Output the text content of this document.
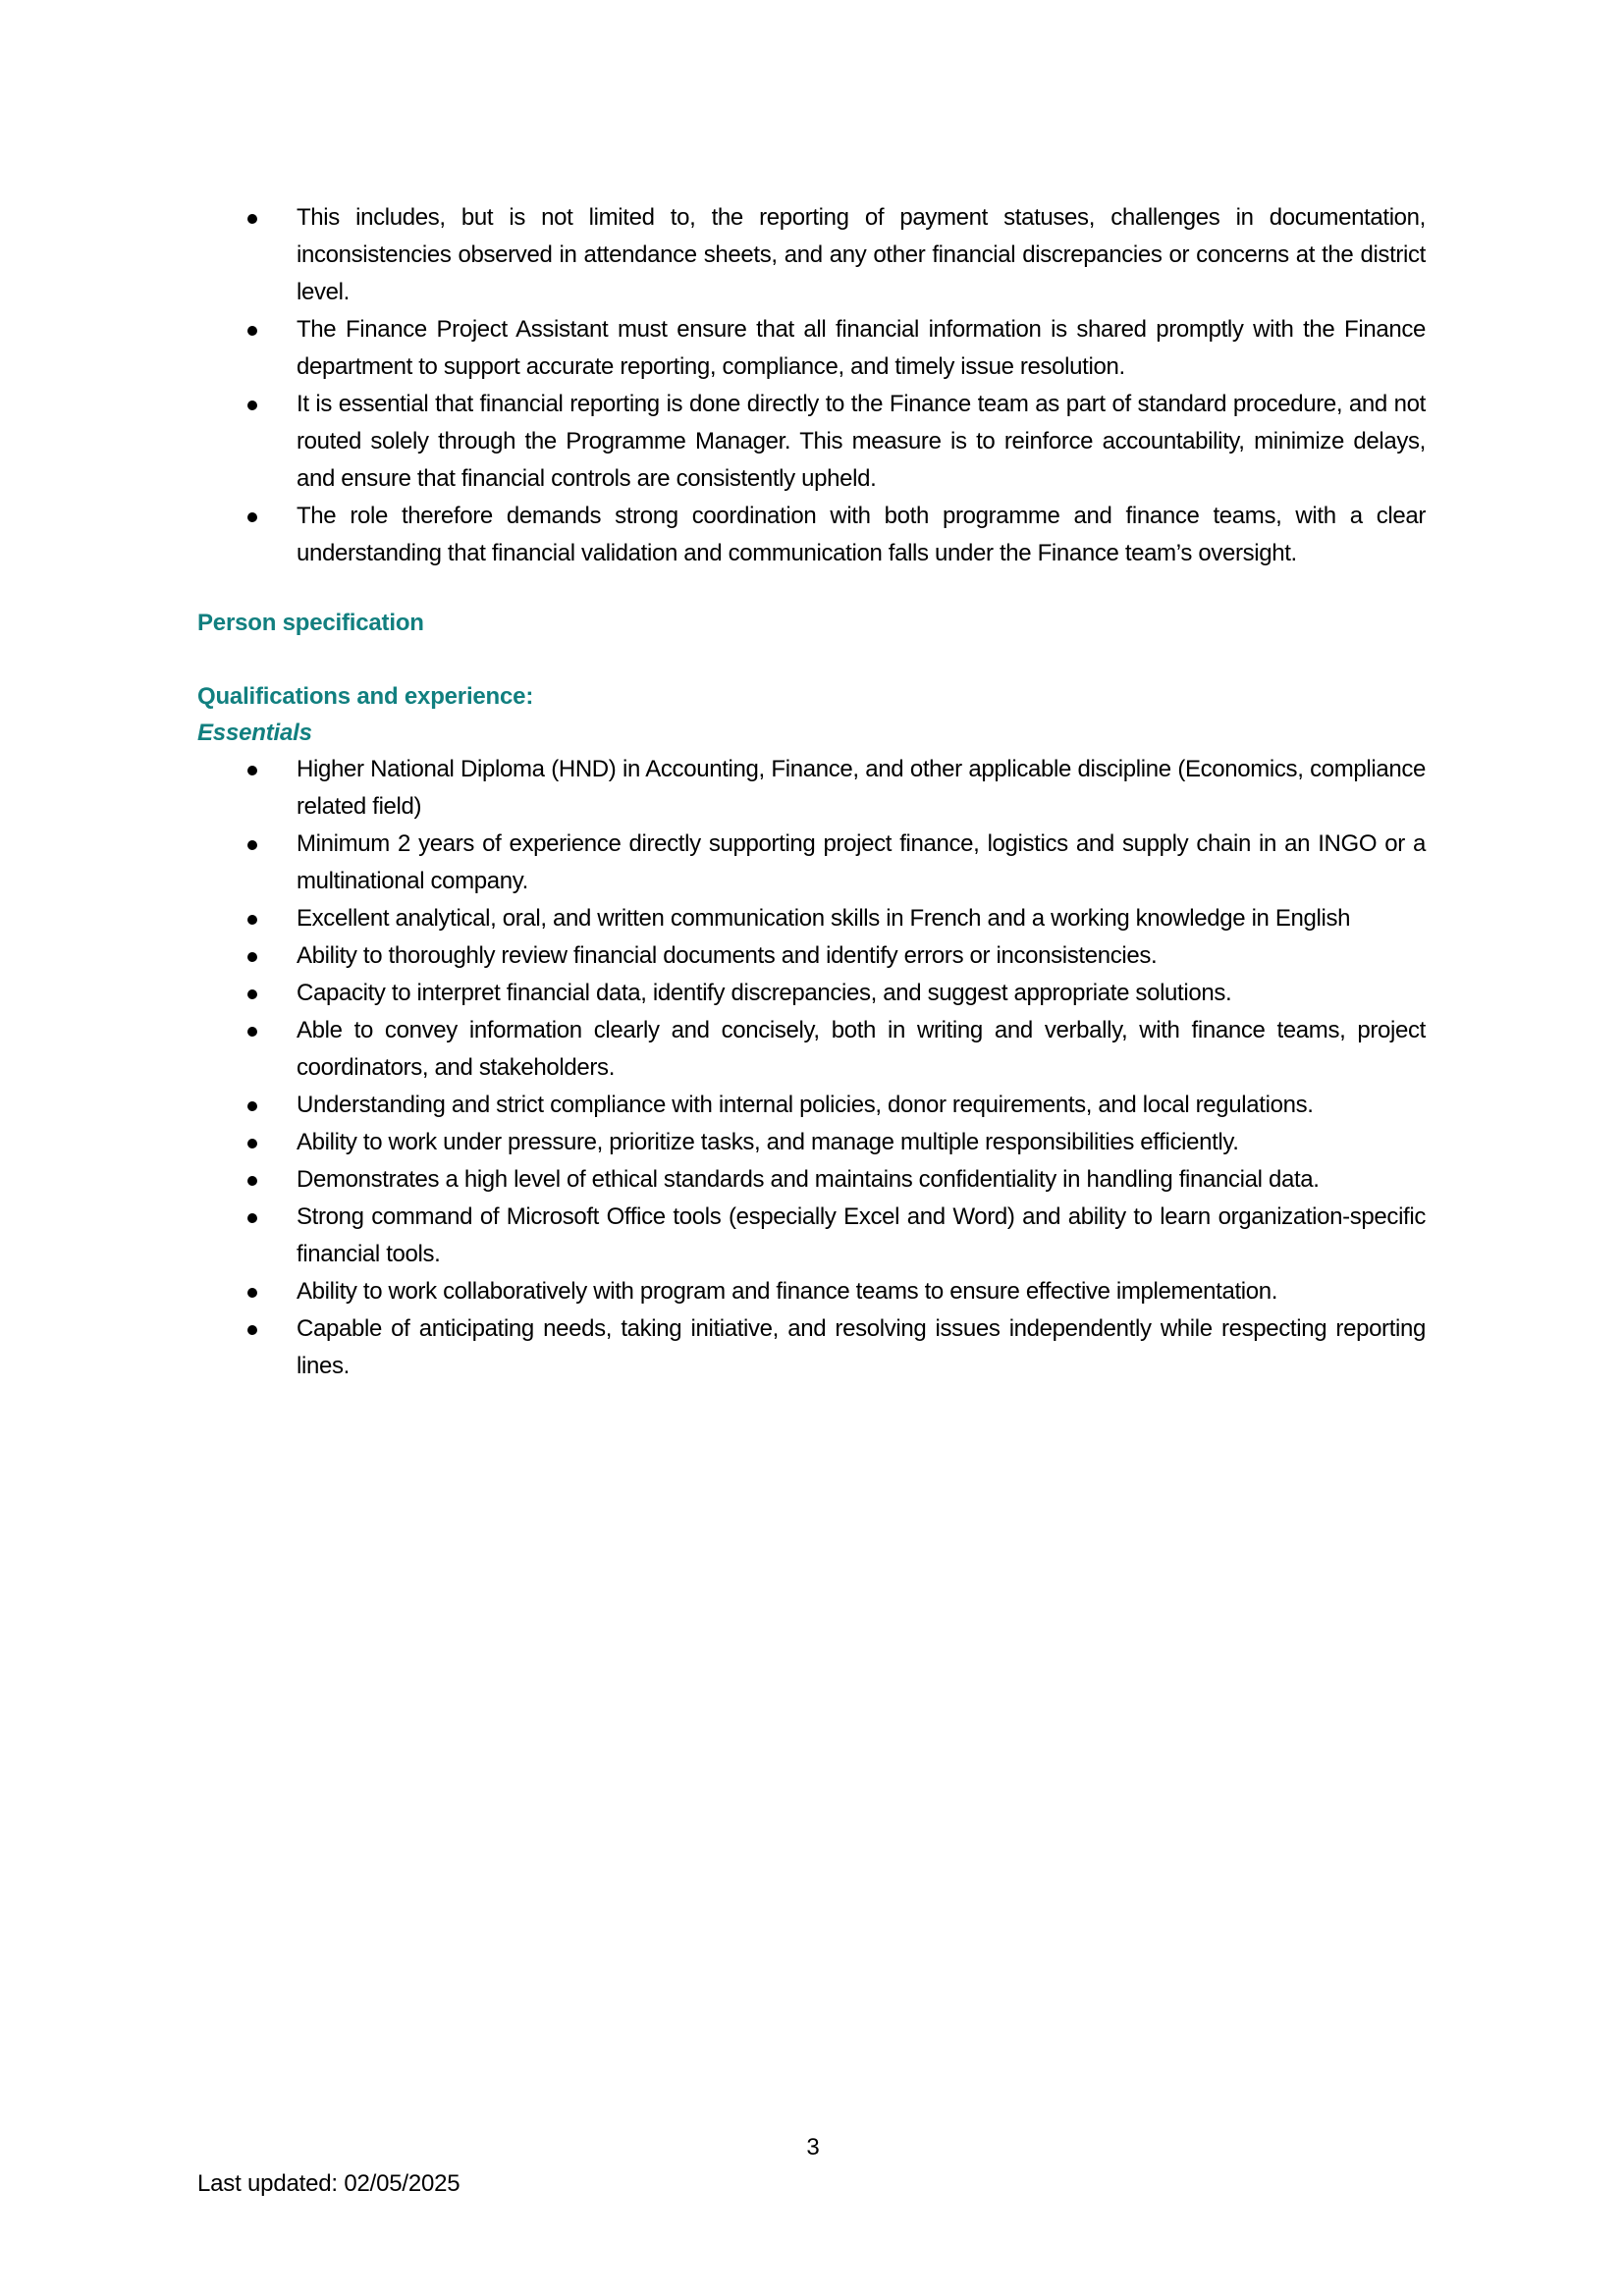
This includes, but is not limited to, the reporting of payment statuses, challenges in documentation, inconsistencies observed in attendance sheets, and any other financial discrepancies or concerns at the district level.
The Finance Project Assistant must ensure that all financial information is shared promptly with the Finance department to support accurate reporting, compliance, and timely issue resolution.
It is essential that financial reporting is done directly to the Finance team as part of standard procedure, and not routed solely through the Programme Manager. This measure is to reinforce accountability, minimize delays, and ensure that financial controls are consistently upheld.
The role therefore demands strong coordination with both programme and finance teams, with a clear understanding that financial validation and communication falls under the Finance team’s oversight.
Person specification
Qualifications and experience:
Essentials
Higher National Diploma (HND) in Accounting, Finance, and other applicable discipline (Economics, compliance related field)
Minimum 2 years of experience directly supporting project finance, logistics and supply chain in an INGO or a multinational company.
Excellent analytical, oral, and written communication skills in French and a working knowledge in English
Ability to thoroughly review financial documents and identify errors or inconsistencies.
Capacity to interpret financial data, identify discrepancies, and suggest appropriate solutions.
Able to convey information clearly and concisely, both in writing and verbally, with finance teams, project coordinators, and stakeholders.
Understanding and strict compliance with internal policies, donor requirements, and local regulations.
Ability to work under pressure, prioritize tasks, and manage multiple responsibilities efficiently.
Demonstrates a high level of ethical standards and maintains confidentiality in handling financial data.
Strong command of Microsoft Office tools (especially Excel and Word) and ability to learn organization-specific financial tools.
Ability to work collaboratively with program and finance teams to ensure effective implementation.
Capable of anticipating needs, taking initiative, and resolving issues independently while respecting reporting lines.
3
Last updated: 02/05/2025
